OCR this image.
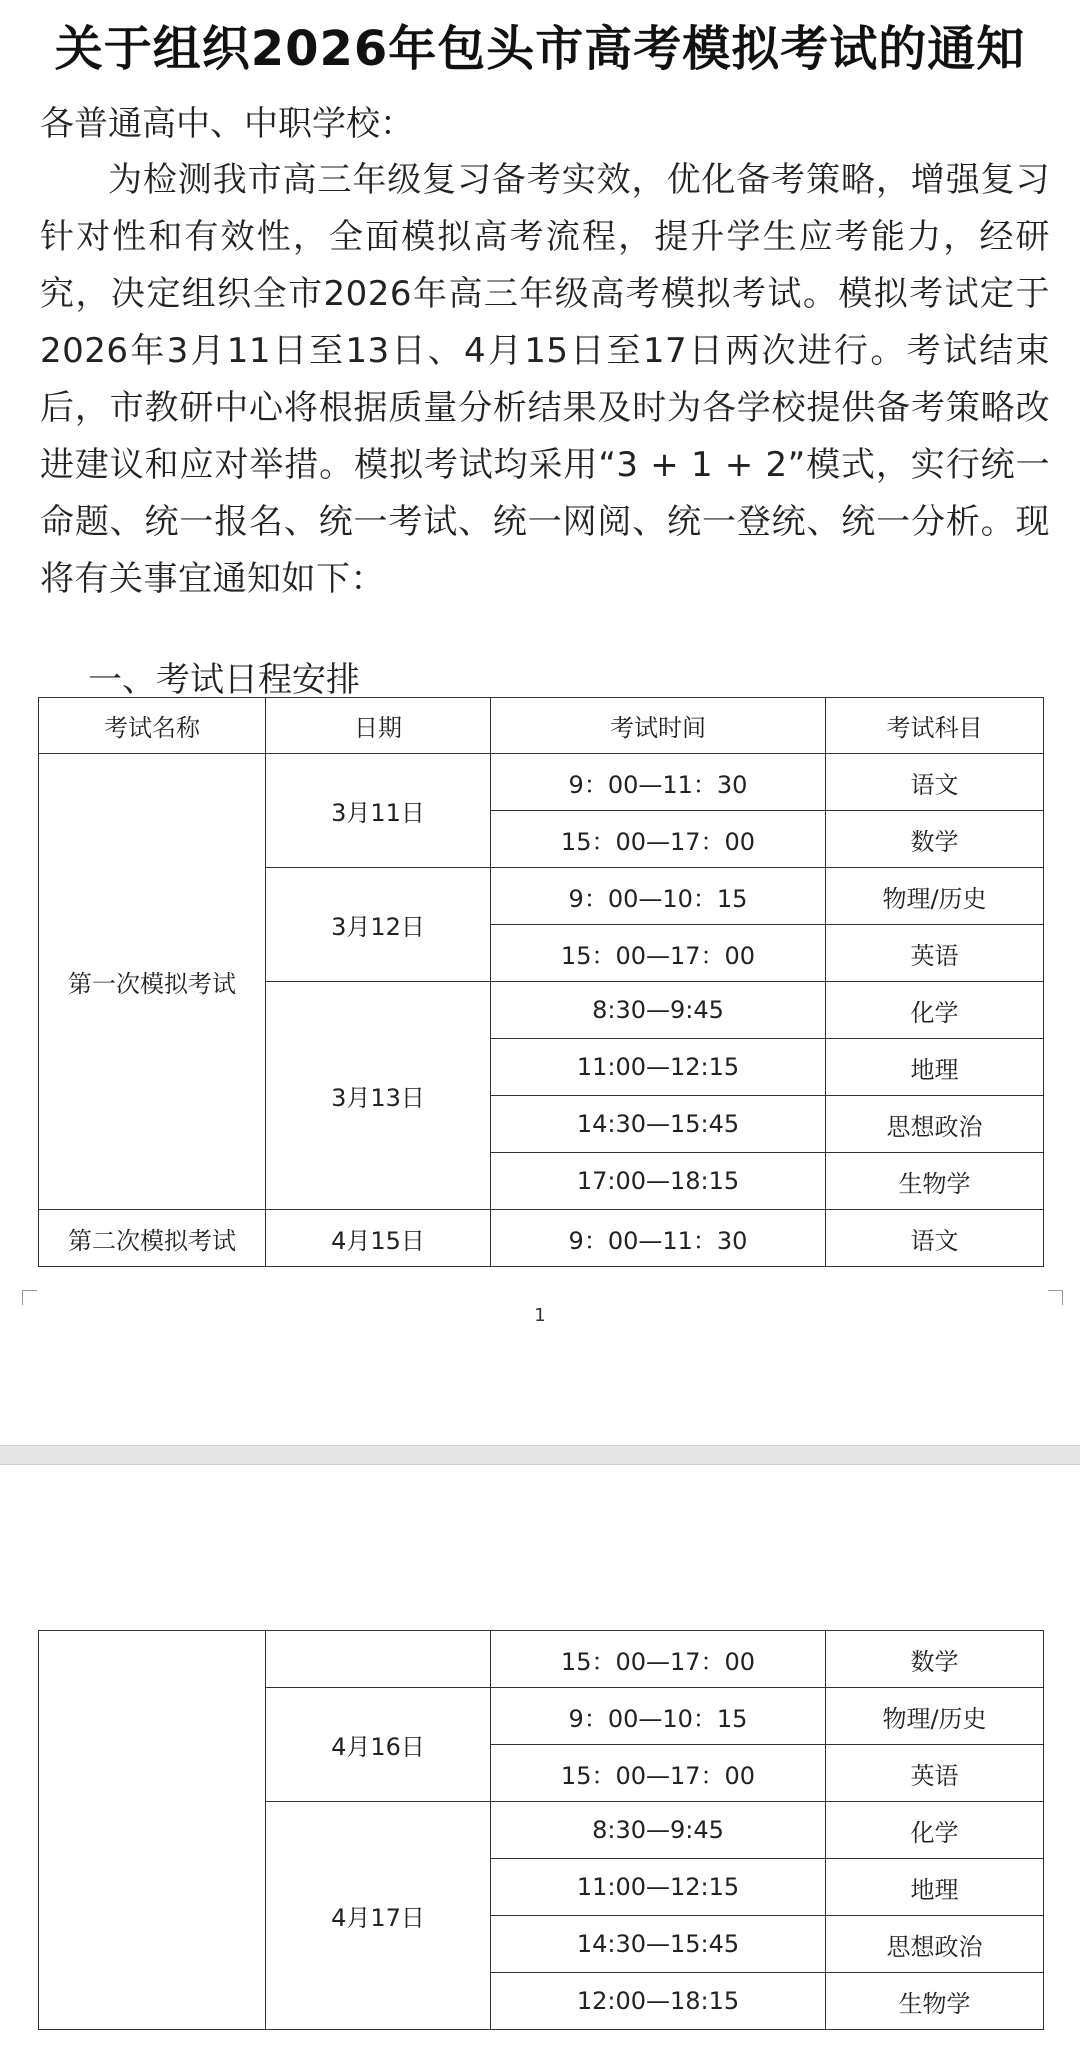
关于组织2026年包头市高考模拟考试的通知
各普通高中、中职学校：
为检测我市高三年级复习备考实效，优化备考策略，增强复习针对性和有效性，全面模拟高考流程，提升学生应考能力，经研究，决定组织全市2026年高三年级高考模拟考试。模拟考试定于2026年3月11日至13日、4月15日至17日两次进行。考试结束后，市教研中心将根据质量分析结果及时为各学校提供备考策略改进建议和应对举措。模拟考试均采用“3 + 1 + 2”模式，实行统一命题、统一报名、统一考试、统一网阅、统一登统、统一分析。现将有关事宜通知如下：
一、考试日程安排
考试名称	日期	考试时间	考试科目
第一次模拟考试	3月11日	9：00—11：30	语文
		15：00—17：00	数学
	3月12日	9：00—10：15	物理/历史
		15：00—17：00	英语
	3月13日	8:30—9:45	化学
		11:00—12:15	地理
		14:30—15:45	思想政治
		17:00—18:15	生物学
第二次模拟考试	4月15日	9：00—11：30	语文
1
		15：00—17：00	数学
	4月16日	9：00—10：15	物理/历史
		15：00—17：00	英语
	4月17日	8:30—9:45	化学
		11:00—12:15	地理
		14:30—15:45	思想政治
		12:00—18:15	生物学
